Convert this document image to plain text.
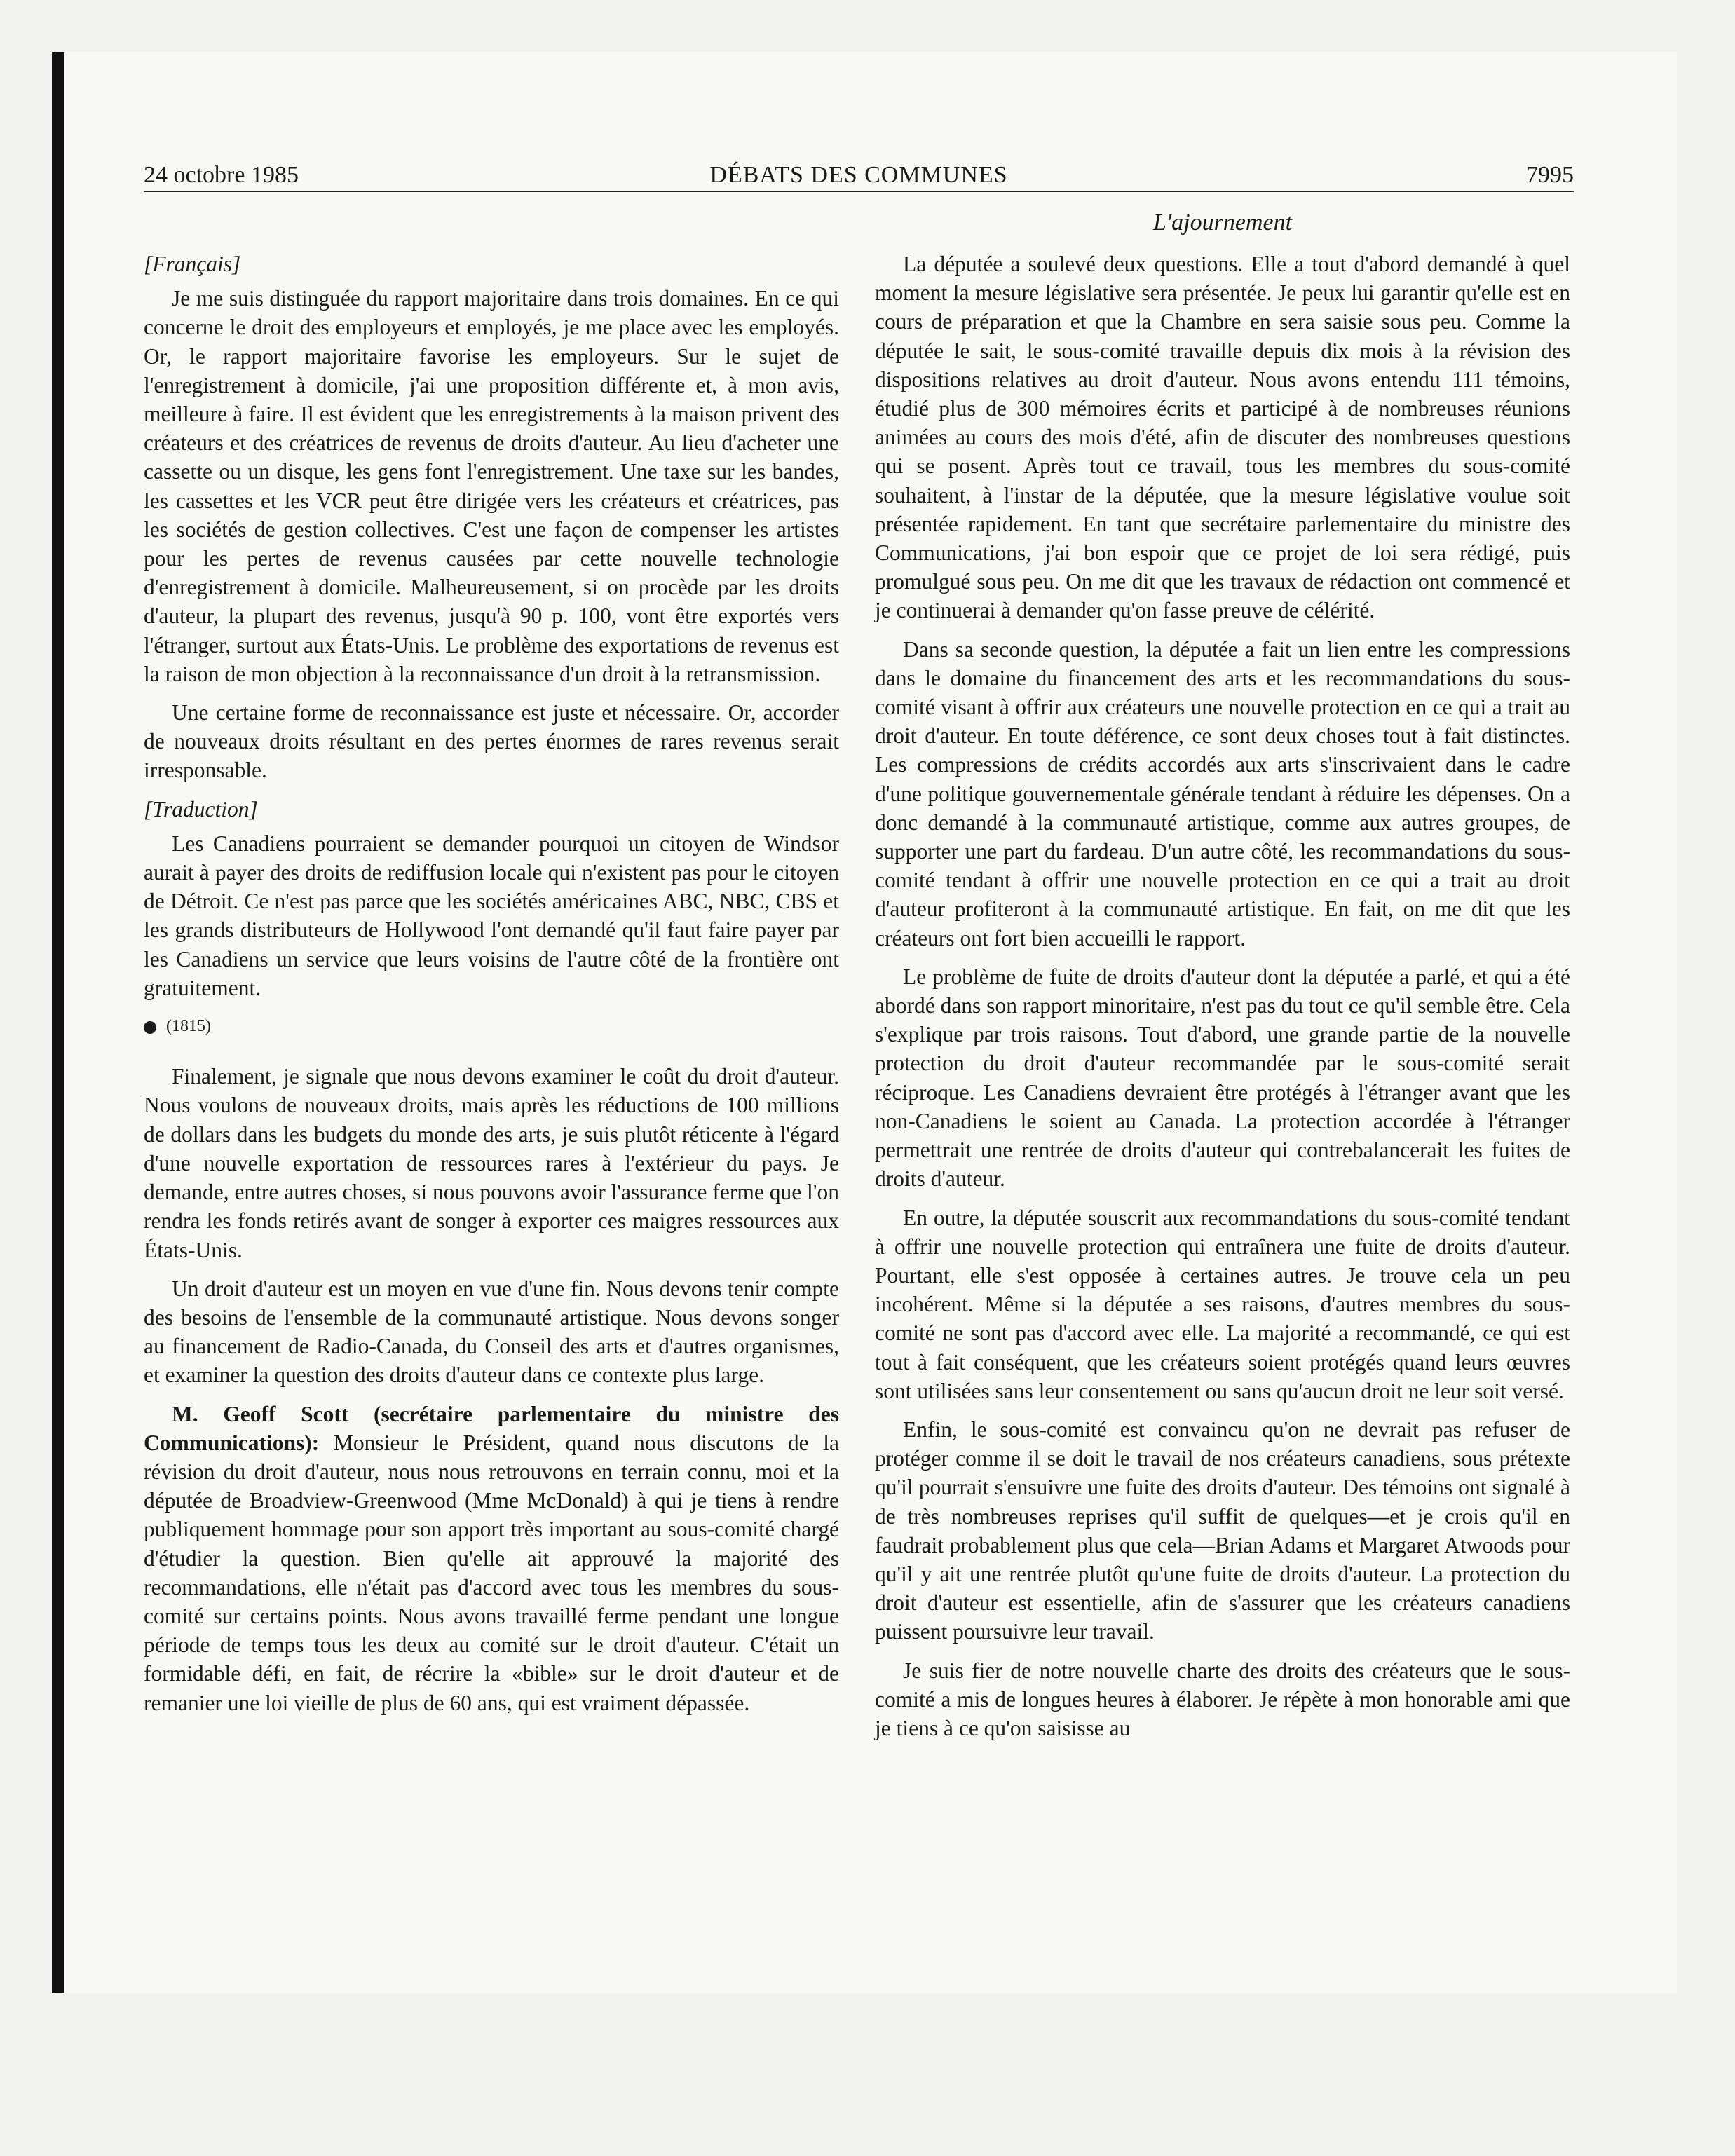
24 octobre 1985	DÉBATS DES COMMUNES	7995
L'ajournement

[Français]

Je me suis distinguée du rapport majoritaire dans trois domaines. En ce qui concerne le droit des employeurs et employés, je me place avec les employés. Or, le rapport majoritaire favorise les employeurs. Sur le sujet de l'enregistrement à domicile, j'ai une proposition différente et, à mon avis, meilleure à faire. Il est évident que les enregistrements à la maison privent des créateurs et des créatrices de revenus de droits d'auteur. Au lieu d'acheter une cassette ou un disque, les gens font l'enregistrement. Une taxe sur les bandes, les cassettes et les VCR peut être dirigée vers les créateurs et créatrices, pas les sociétés de gestion collectives. C'est une façon de compenser les artistes pour les pertes de revenus causées par cette nouvelle technologie d'enregistrement à domicile. Malheureusement, si on procède par les droits d'auteur, la plupart des revenus, jusqu'à 90 p. 100, vont être exportés vers l'étranger, surtout aux États-Unis. Le problème des exportations de revenus est la raison de mon objection à la reconnaissance d'un droit à la retransmission.

Une certaine forme de reconnaissance est juste et nécessaire. Or, accorder de nouveaux droits résultant en des pertes énormes de rares revenus serait irresponsable.

[Traduction]

Les Canadiens pourraient se demander pourquoi un citoyen de Windsor aurait à payer des droits de rediffusion locale qui n'existent pas pour le citoyen de Détroit. Ce n'est pas parce que les sociétés américaines ABC, NBC, CBS et les grands distributeurs de Hollywood l'ont demandé qu'il faut faire payer par les Canadiens un service que leurs voisins de l'autre côté de la frontière ont gratuitement.

(1815)

Finalement, je signale que nous devons examiner le coût du droit d'auteur. Nous voulons de nouveaux droits, mais après les réductions de 100 millions de dollars dans les budgets du monde des arts, je suis plutôt réticente à l'égard d'une nouvelle exportation de ressources rares à l'extérieur du pays. Je demande, entre autres choses, si nous pouvons avoir l'assurance ferme que l'on rendra les fonds retirés avant de songer à exporter ces maigres ressources aux États-Unis.

Un droit d'auteur est un moyen en vue d'une fin. Nous devons tenir compte des besoins de l'ensemble de la communauté artistique. Nous devons songer au financement de Radio-Canada, du Conseil des arts et d'autres organismes, et examiner la question des droits d'auteur dans ce contexte plus large.

M. Geoff Scott (secrétaire parlementaire du ministre des Communications): Monsieur le Président, quand nous discutons de la révision du droit d'auteur, nous nous retrouvons en terrain connu, moi et la députée de Broadview-Greenwood (Mme McDonald) à qui je tiens à rendre publiquement hommage pour son apport très important au sous-comité chargé d'étudier la question. Bien qu'elle ait approuvé la majorité des recommandations, elle n'était pas d'accord avec tous les membres du sous-comité sur certains points. Nous avons travaillé ferme pendant une longue période de temps tous les deux au comité sur le droit d'auteur. C'était un formidable défi, en fait, de récrire la «bible» sur le droit d'auteur et de remanier une loi vieille de plus de 60 ans, qui est vraiment dépassée.

La députée a soulevé deux questions. Elle a tout d'abord demandé à quel moment la mesure législative sera présentée. Je peux lui garantir qu'elle est en cours de préparation et que la Chambre en sera saisie sous peu. Comme la députée le sait, le sous-comité travaille depuis dix mois à la révision des dispositions relatives au droit d'auteur. Nous avons entendu 111 témoins, étudié plus de 300 mémoires écrits et participé à de nombreuses réunions animées au cours des mois d'été, afin de discuter des nombreuses questions qui se posent. Après tout ce travail, tous les membres du sous-comité souhaitent, à l'instar de la députée, que la mesure législative voulue soit présentée rapidement. En tant que secrétaire parlementaire du ministre des Communications, j'ai bon espoir que ce projet de loi sera rédigé, puis promulgué sous peu. On me dit que les travaux de rédaction ont commencé et je continuerai à demander qu'on fasse preuve de célérité.

Dans sa seconde question, la députée a fait un lien entre les compressions dans le domaine du financement des arts et les recommandations du sous-comité visant à offrir aux créateurs une nouvelle protection en ce qui a trait au droit d'auteur. En toute déférence, ce sont deux choses tout à fait distinctes. Les compressions de crédits accordés aux arts s'inscrivaient dans le cadre d'une politique gouvernementale générale tendant à réduire les dépenses. On a donc demandé à la communauté artistique, comme aux autres groupes, de supporter une part du fardeau. D'un autre côté, les recommandations du sous-comité tendant à offrir une nouvelle protection en ce qui a trait au droit d'auteur profiteront à la communauté artistique. En fait, on me dit que les créateurs ont fort bien accueilli le rapport.

Le problème de fuite de droits d'auteur dont la députée a parlé, et qui a été abordé dans son rapport minoritaire, n'est pas du tout ce qu'il semble être. Cela s'explique par trois raisons. Tout d'abord, une grande partie de la nouvelle protection du droit d'auteur recommandée par le sous-comité serait réciproque. Les Canadiens devraient être protégés à l'étranger avant que les non-Canadiens le soient au Canada. La protection accordée à l'étranger permettrait une rentrée de droits d'auteur qui contrebalancerait les fuites de droits d'auteur.

En outre, la députée souscrit aux recommandations du sous-comité tendant à offrir une nouvelle protection qui entraînera une fuite de droits d'auteur. Pourtant, elle s'est opposée à certaines autres. Je trouve cela un peu incohérent. Même si la députée a ses raisons, d'autres membres du sous-comité ne sont pas d'accord avec elle. La majorité a recommandé, ce qui est tout à fait conséquent, que les créateurs soient protégés quand leurs œuvres sont utilisées sans leur consentement ou sans qu'aucun droit ne leur soit versé.

Enfin, le sous-comité est convaincu qu'on ne devrait pas refuser de protéger comme il se doit le travail de nos créateurs canadiens, sous prétexte qu'il pourrait s'ensuivre une fuite des droits d'auteur. Des témoins ont signalé à de très nombreuses reprises qu'il suffit de quelques—et je crois qu'il en faudrait probablement plus que cela—Brian Adams et Margaret Atwoods pour qu'il y ait une rentrée plutôt qu'une fuite de droits d'auteur. La protection du droit d'auteur est essentielle, afin de s'assurer que les créateurs canadiens puissent poursuivre leur travail.

Je suis fier de notre nouvelle charte des droits des créateurs que le sous-comité a mis de longues heures à élaborer. Je répète à mon honorable ami que je tiens à ce qu'on saisisse au
